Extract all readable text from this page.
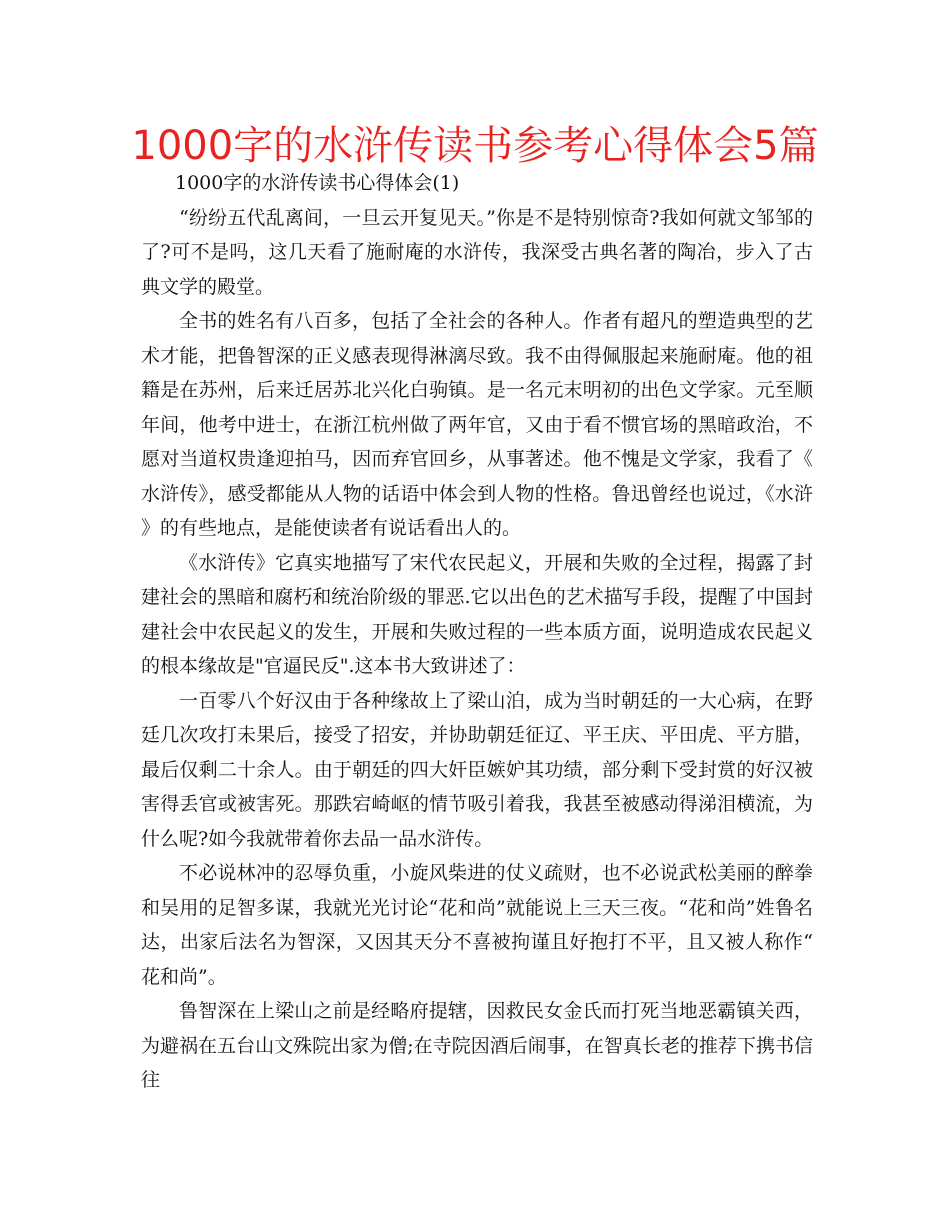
1000字的水浒传读书参考心得体会5篇

1000字的水浒传读书心得体会(1)

“纷纷五代乱离间，一旦云开复见天。”你是不是特别惊奇?我如何就文邹邹的了?可不是吗，这几天看了施耐庵的水浒传，我深受古典名著的陶冶，步入了古典文学的殿堂。

全书的姓名有八百多，包括了全社会的各种人。作者有超凡的塑造典型的艺术才能，把鲁智深的正义感表现得淋漓尽致。我不由得佩服起来施耐庵。他的祖籍是在苏州，后来迁居苏北兴化白驹镇。是一名元末明初的出色文学家。元至顺年间，他考中进士，在浙江杭州做了两年官，又由于看不惯官场的黑暗政治，不愿对当道权贵逢迎拍马，因而弃官回乡，从事著述。他不愧是文学家，我看了《水浒传》，感受都能从人物的话语中体会到人物的性格。鲁迅曾经也说过，《水浒》的有些地点，是能使读者有说话看出人的。

《水浒传》它真实地描写了宋代农民起义，开展和失败的全过程，揭露了封建社会的黑暗和腐朽和统治阶级的罪恶.它以出色的艺术描写手段，提醒了中国封建社会中农民起义的发生，开展和失败过程的一些本质方面，说明造成农民起义的根本缘故是"官逼民反".这本书大致讲述了：

一百零八个好汉由于各种缘故上了梁山泊，成为当时朝廷的一大心病，在野廷几次攻打未果后，接受了招安，并协助朝廷征辽、平王庆、平田虎、平方腊，最后仅剩二十余人。由于朝廷的四大奸臣嫉妒其功绩，部分剩下受封赏的好汉被害得丢官或被害死。那跌宕崎岖的情节吸引着我，我甚至被感动得涕泪横流，为什么呢?如今我就带着你去品一品水浒传。

不必说林冲的忍辱负重，小旋风柴进的仗义疏财，也不必说武松美丽的醉拳和吴用的足智多谋，我就光光讨论“花和尚”就能说上三天三夜。“花和尚”姓鲁名达，出家后法名为智深，又因其天分不喜被拘谨且好抱打不平，且又被人称作“花和尚”。

鲁智深在上梁山之前是经略府提辖，因救民女金氏而打死当地恶霸镇关西，为避祸在五台山文殊院出家为僧;在寺院因酒后闹事，在智真长老的推荐下携书信往
